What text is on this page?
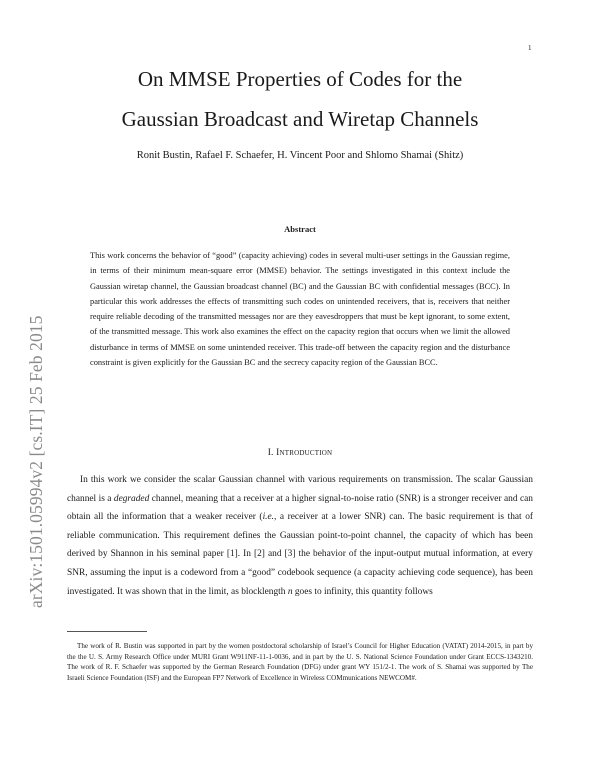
1
arXiv:1501.05994v2 [cs.IT] 25 Feb 2015
On MMSE Properties of Codes for the
Gaussian Broadcast and Wiretap Channels
Ronit Bustin, Rafael F. Schaefer, H. Vincent Poor and Shlomo Shamai (Shitz)
Abstract
This work concerns the behavior of “good” (capacity achieving) codes in several multi-user settings in the Gaussian regime, in terms of their minimum mean-square error (MMSE) behavior. The settings investigated in this context include the Gaussian wiretap channel, the Gaussian broadcast channel (BC) and the Gaussian BC with confidential messages (BCC). In particular this work addresses the effects of transmitting such codes on unintended receivers, that is, receivers that neither require reliable decoding of the transmitted messages nor are they eavesdroppers that must be kept ignorant, to some extent, of the transmitted message. This work also examines the effect on the capacity region that occurs when we limit the allowed disturbance in terms of MMSE on some unintended receiver. This trade-off between the capacity region and the disturbance constraint is given explicitly for the Gaussian BC and the secrecy capacity region of the Gaussian BCC.
I. Introduction

In this work we consider the scalar Gaussian channel with various requirements on transmission. The scalar Gaussian channel is a degraded channel, meaning that a receiver at a higher signal-to-noise ratio (SNR) is a stronger receiver and can obtain all the information that a weaker receiver (i.e., a receiver at a lower SNR) can. The basic requirement is that of reliable communication. This requirement defines the Gaussian point-to-point channel, the capacity of which has been derived by Shannon in his seminal paper [1]. In [2] and [3] the behavior of the input-output mutual information, at every SNR, assuming the input is a codeword from a “good” codebook sequence (a capacity achieving code sequence), has been investigated. It was shown that in the limit, as blocklength n goes to infinity, this quantity follows

The work of R. Bustin was supported in part by the women postdoctoral scholarship of Israel’s Council for Higher Education (VATAT) 2014-2015, in part by the the U. S. Army Research Office under MURI Grant W911NF-11-1-0036, and in part by the U. S. National Science Foundation under Grant ECCS-1343210. The work of R. F. Schaefer was supported by the German Research Foundation (DFG) under grant WY 151/2-1. The work of S. Shamai was supported by The Israeli Science Foundation (ISF) and the European FP7 Network of Excellence in Wireless COMmunications NEWCOM#.
